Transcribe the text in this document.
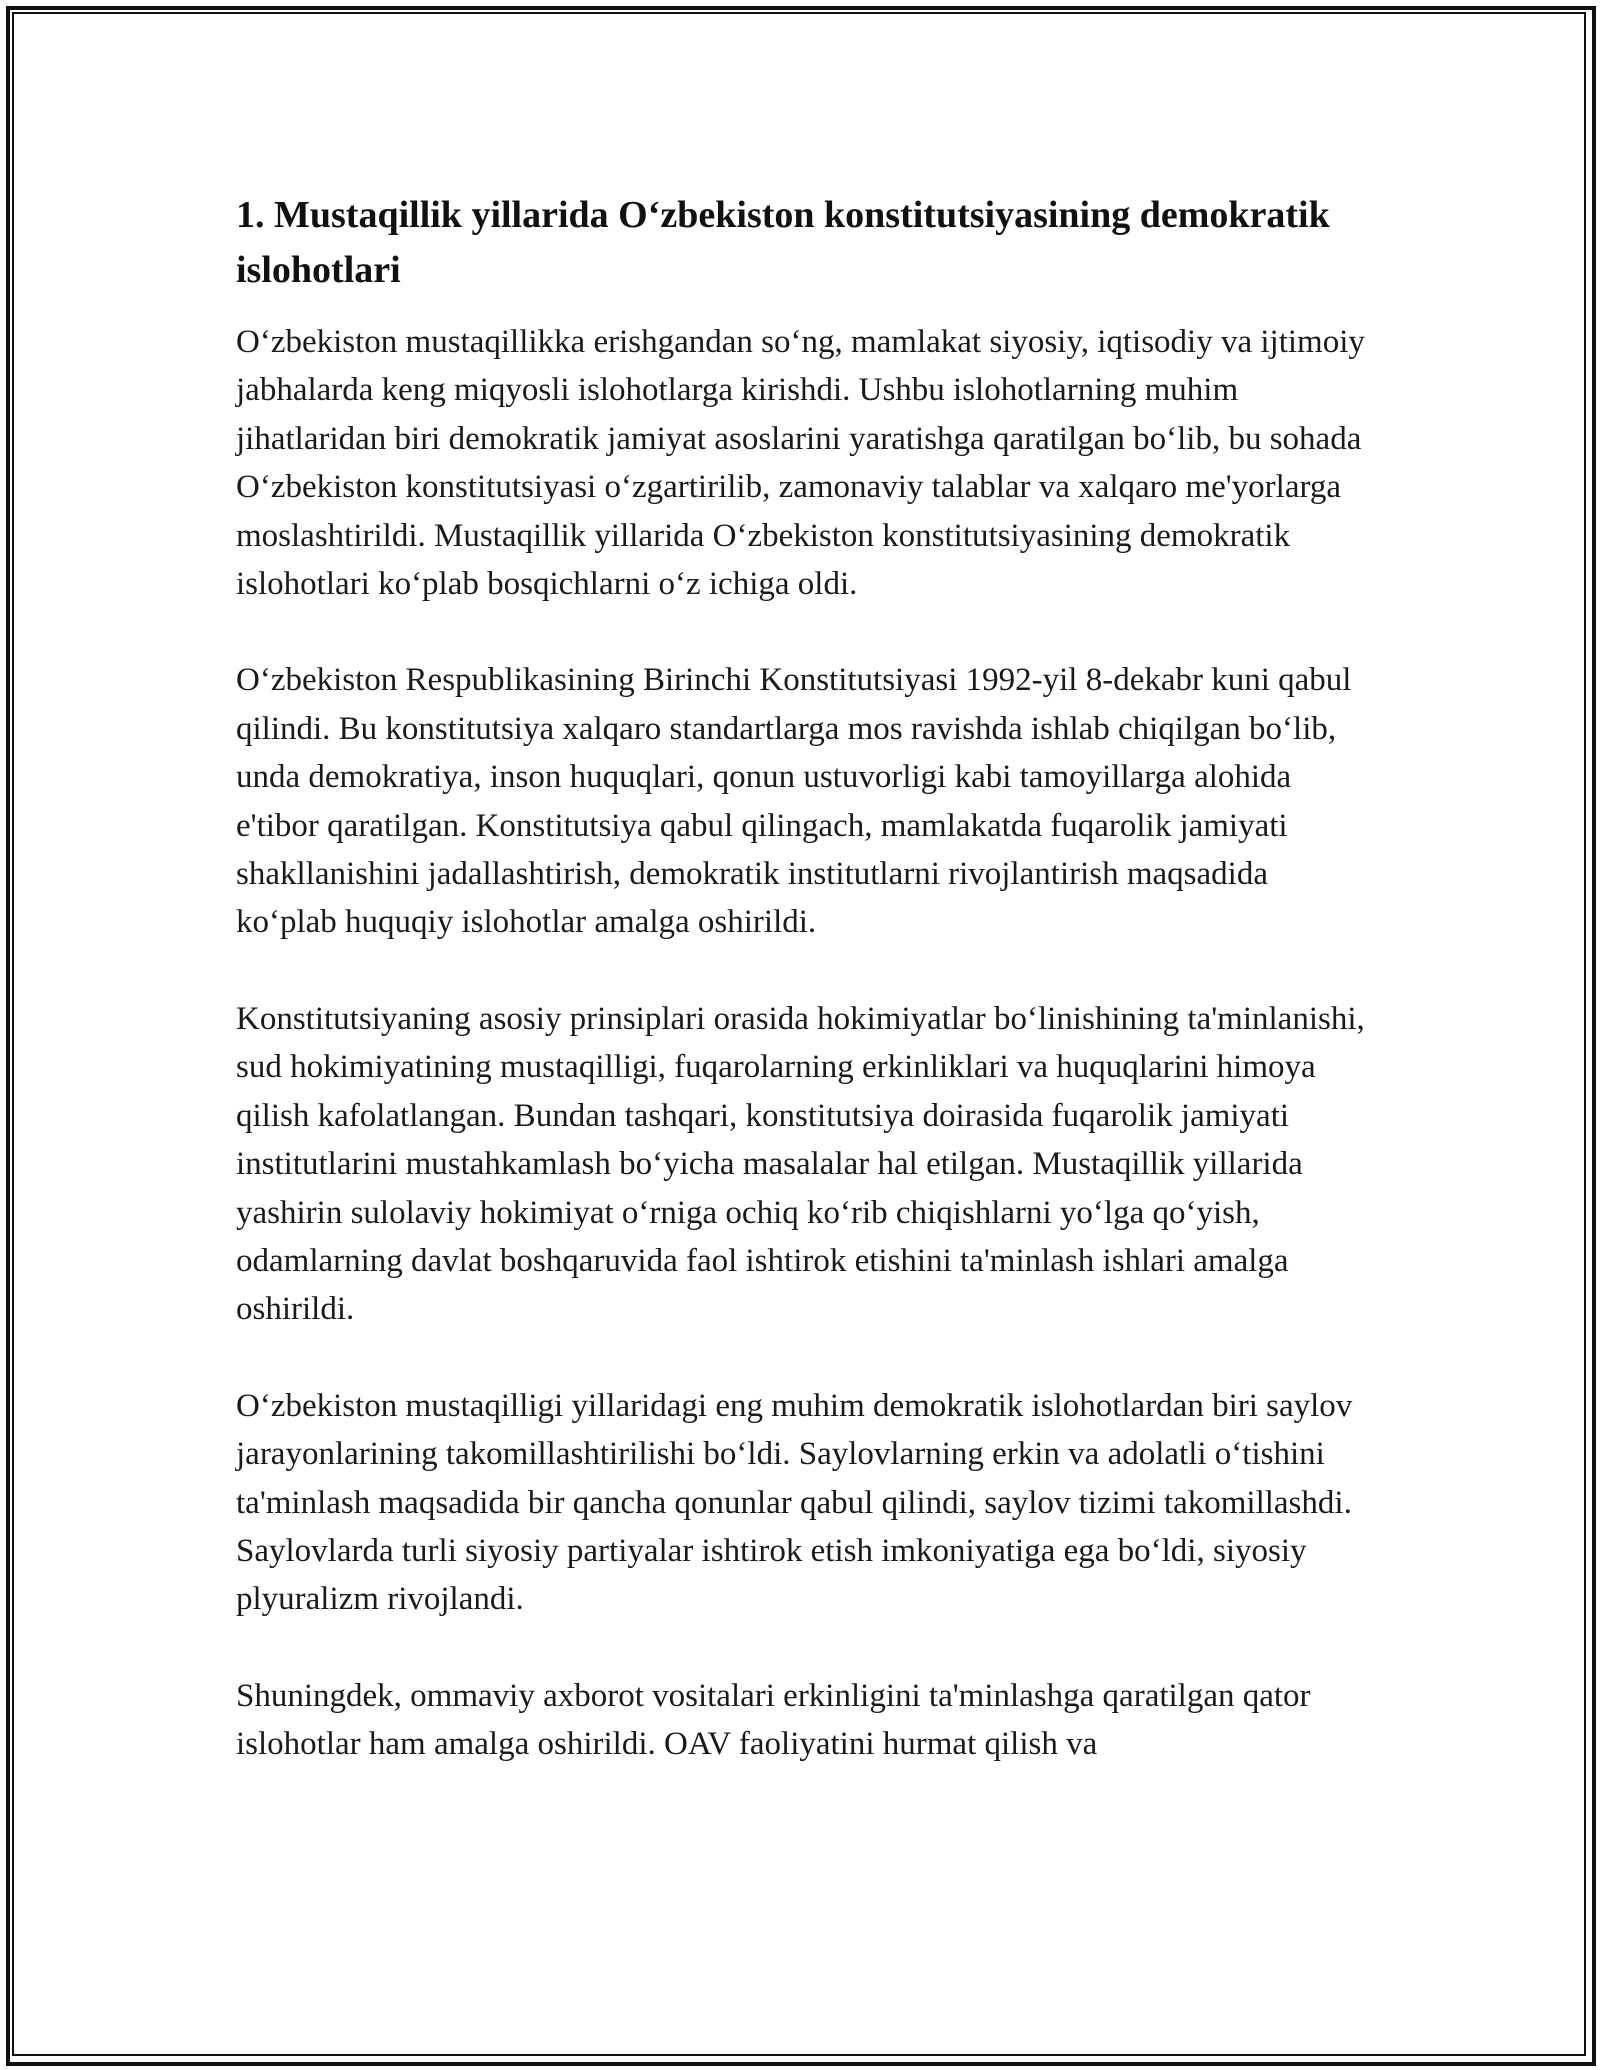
1. Mustaqillik yillarida O‘zbekiston konstitutsiyasining demokratik islohotlari

O‘zbekiston mustaqillikka erishgandan so‘ng, mamlakat siyosiy, iqtisodiy va ijtimoiy jabhalarda keng miqyosli islohotlarga kirishdi. Ushbu islohotlarning muhim jihatlaridan biri demokratik jamiyat asoslarini yaratishga qaratilgan bo‘lib, bu sohada O‘zbekiston konstitutsiyasi o‘zgartirilib, zamonaviy talablar va xalqaro me'yorlarga moslashtirildi. Mustaqillik yillarida O‘zbekiston konstitutsiyasining demokratik islohotlari ko‘plab bosqichlarni o‘z ichiga oldi.

O‘zbekiston Respublikasining Birinchi Konstitutsiyasi 1992-yil 8-dekabr kuni qabul qilindi. Bu konstitutsiya xalqaro standartlarga mos ravishda ishlab chiqilgan bo‘lib, unda demokratiya, inson huquqlari, qonun ustuvorligi kabi tamoyillarga alohida e'tibor qaratilgan. Konstitutsiya qabul qilingach, mamlakatda fuqarolik jamiyati shakllanishini jadallashtirish, demokratik institutlarni rivojlantirish maqsadida ko‘plab huquqiy islohotlar amalga oshirildi.

Konstitutsiyaning asosiy prinsiplari orasida hokimiyatlar bo‘linishining ta'minlanishi, sud hokimiyatining mustaqilligi, fuqarolarning erkinliklari va huquqlarini himoya qilish kafolatlangan. Bundan tashqari, konstitutsiya doirasida fuqarolik jamiyati institutlarini mustahkamlash bo‘yicha masalalar hal etilgan. Mustaqillik yillarida yashirin sulolaviy hokimiyat o‘rniga ochiq ko‘rib chiqishlarni yo‘lga qo‘yish, odamlarning davlat boshqaruvida faol ishtirok etishini ta'minlash ishlari amalga oshirildi.

O‘zbekiston mustaqilligi yillaridagi eng muhim demokratik islohotlardan biri saylov jarayonlarining takomillashtirilishi bo‘ldi. Saylovlarning erkin va adolatli o‘tishini ta'minlash maqsadida bir qancha qonunlar qabul qilindi, saylov tizimi takomillashdi. Saylovlarda turli siyosiy partiyalar ishtirok etish imkoniyatiga ega bo‘ldi, siyosiy plyuralizm rivojlandi.

Shuningdek, ommaviy axborot vositalari erkinligini ta'minlashga qaratilgan qator islohotlar ham amalga oshirildi. OAV faoliyatini hurmat qilish va
